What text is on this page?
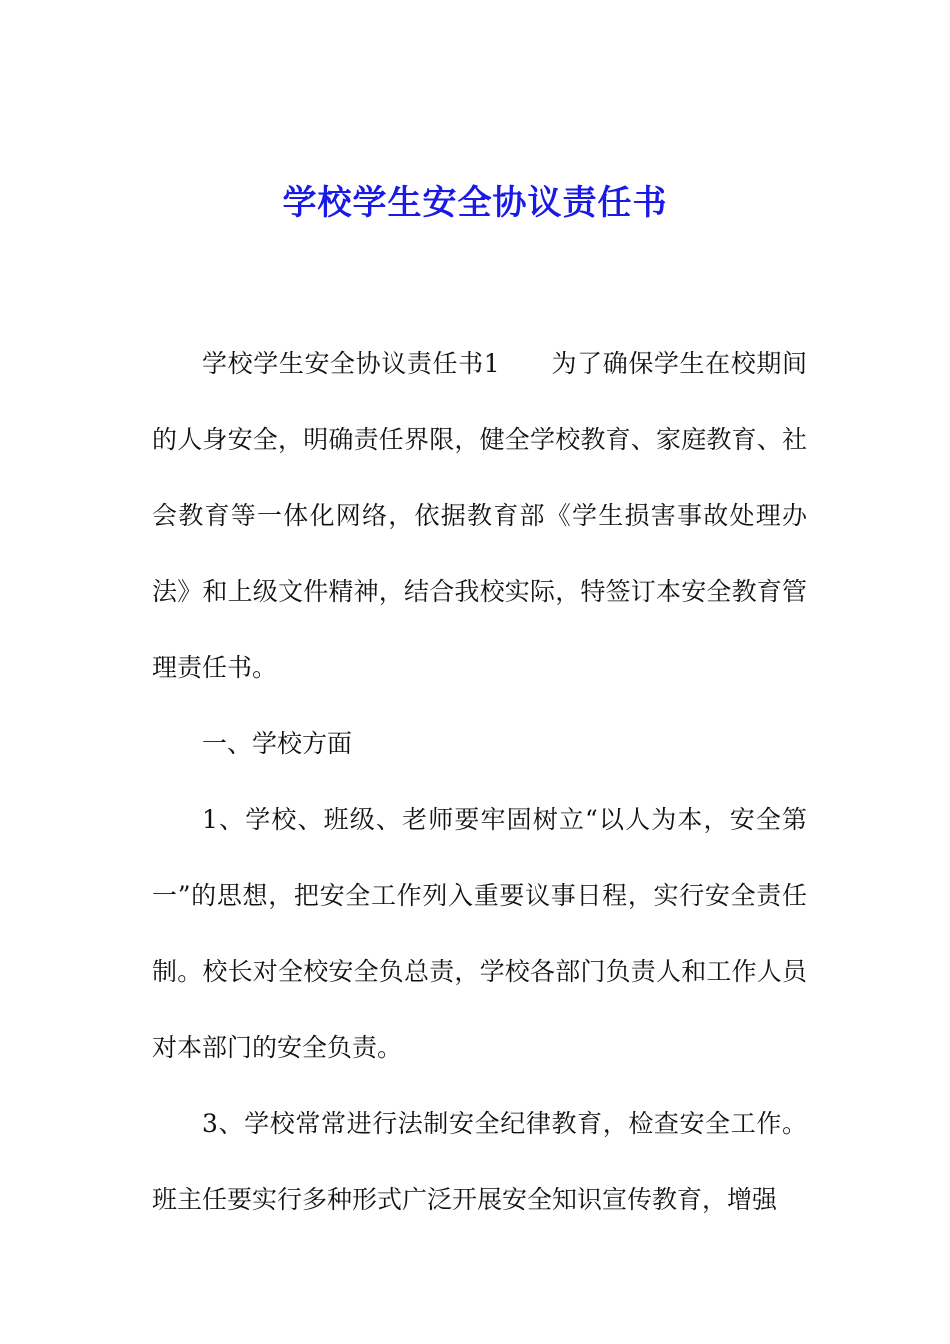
学校学生安全协议责任书

学校学生安全协议责任书1　　为了确保学生在校期间的人身安全，明确责任界限，健全学校教育、家庭教育、社会教育等一体化网络，依据教育部《学生损害事故处理办法》和上级文件精神，结合我校实际，特签订本安全教育管理责任书。

一、学校方面

1、学校、班级、老师要牢固树立“以人为本，安全第一”的思想，把安全工作列入重要议事日程，实行安全责任制。校长对全校安全负总责，学校各部门负责人和工作人员对本部门的安全负责。

3、学校常常进行法制安全纪律教育，检查安全工作。班主任要实行多种形式广泛开展安全知识宣传教育，增强
